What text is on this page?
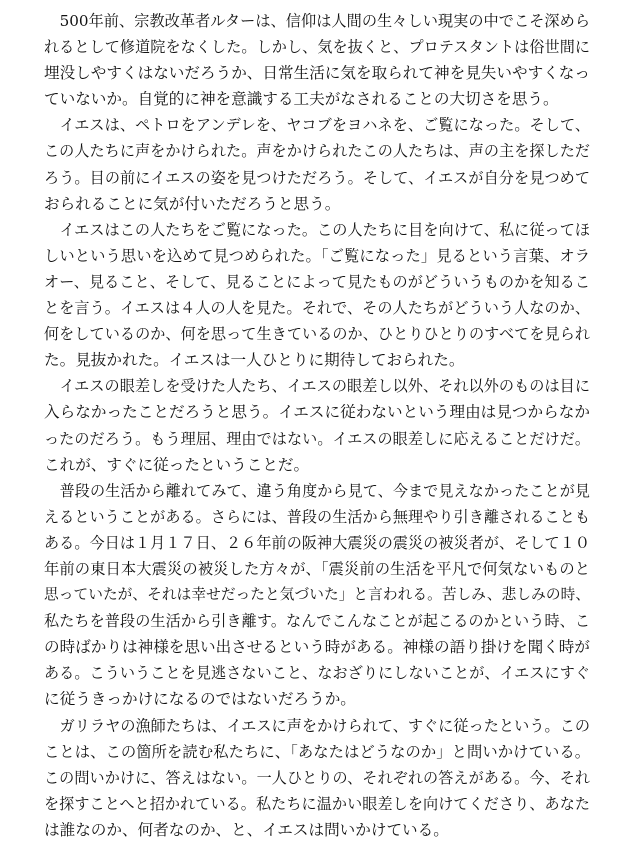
500年前、宗教改革者ルターは、信仰は人間の生々しい現実の中でこそ深めら
れるとして修道院をなくした。しかし、気を抜くと、プロテスタントは俗世間に
埋没しやすくはないだろうか、日常生活に気を取られて神を見失いやすくなっ
ていないか。自覚的に神を意識する工夫がなされることの大切さを思う。
イエスは、ペトロをアンデレを、ヤコブをヨハネを、ご覧になった。そして、
この人たちに声をかけられた。声をかけられたこの人たちは、声の主を探しただ
ろう。目の前にイエスの姿を見つけただろう。そして、イエスが自分を見つめて
おられることに気が付いただろうと思う。
イエスはこの人たちをご覧になった。この人たちに目を向けて、私に従ってほ
しいという思いを込めて見つめられた。「ご覧になった」見るという言葉、オラ
オー、見ること、そして、見ることによって見たものがどういうものかを知るこ
とを言う。イエスは４人の人を見た。それで、その人たちがどういう人なのか、
何をしているのか、何を思って生きているのか、ひとりひとりのすべてを見られ
た。見抜かれた。イエスは一人ひとりに期待しておられた。
イエスの眼差しを受けた人たち、イエスの眼差し以外、それ以外のものは目に
入らなかったことだろうと思う。イエスに従わないという理由は見つからなか
ったのだろう。もう理屈、理由ではない。イエスの眼差しに応えることだけだ。
これが、すぐに従ったということだ。
普段の生活から離れてみて、違う角度から見て、今まで見えなかったことが見
えるということがある。さらには、普段の生活から無理やり引き離されることも
ある。今日は１月１７日、２６年前の阪神大震災の震災の被災者が、そして１０
年前の東日本大震災の被災した方々が、「震災前の生活を平凡で何気ないものと
思っていたが、それは幸せだったと気づいた」と言われる。苦しみ、悲しみの時、
私たちを普段の生活から引き離す。なんでこんなことが起こるのかという時、こ
の時ばかりは神様を思い出させるという時がある。神様の語り掛けを聞く時が
ある。こういうことを見逃さないこと、なおざりにしないことが、イエスにすぐ
に従うきっかけになるのではないだろうか。
ガリラヤの漁師たちは、イエスに声をかけられて、すぐに従ったという。この
ことは、この箇所を読む私たちに、「あなたはどうなのか」と問いかけている。
この問いかけに、答えはない。一人ひとりの、それぞれの答えがある。今、それ
を探すことへと招かれている。私たちに温かい眼差しを向けてくださり、あなた
は誰なのか、何者なのか、と、イエスは問いかけている。
